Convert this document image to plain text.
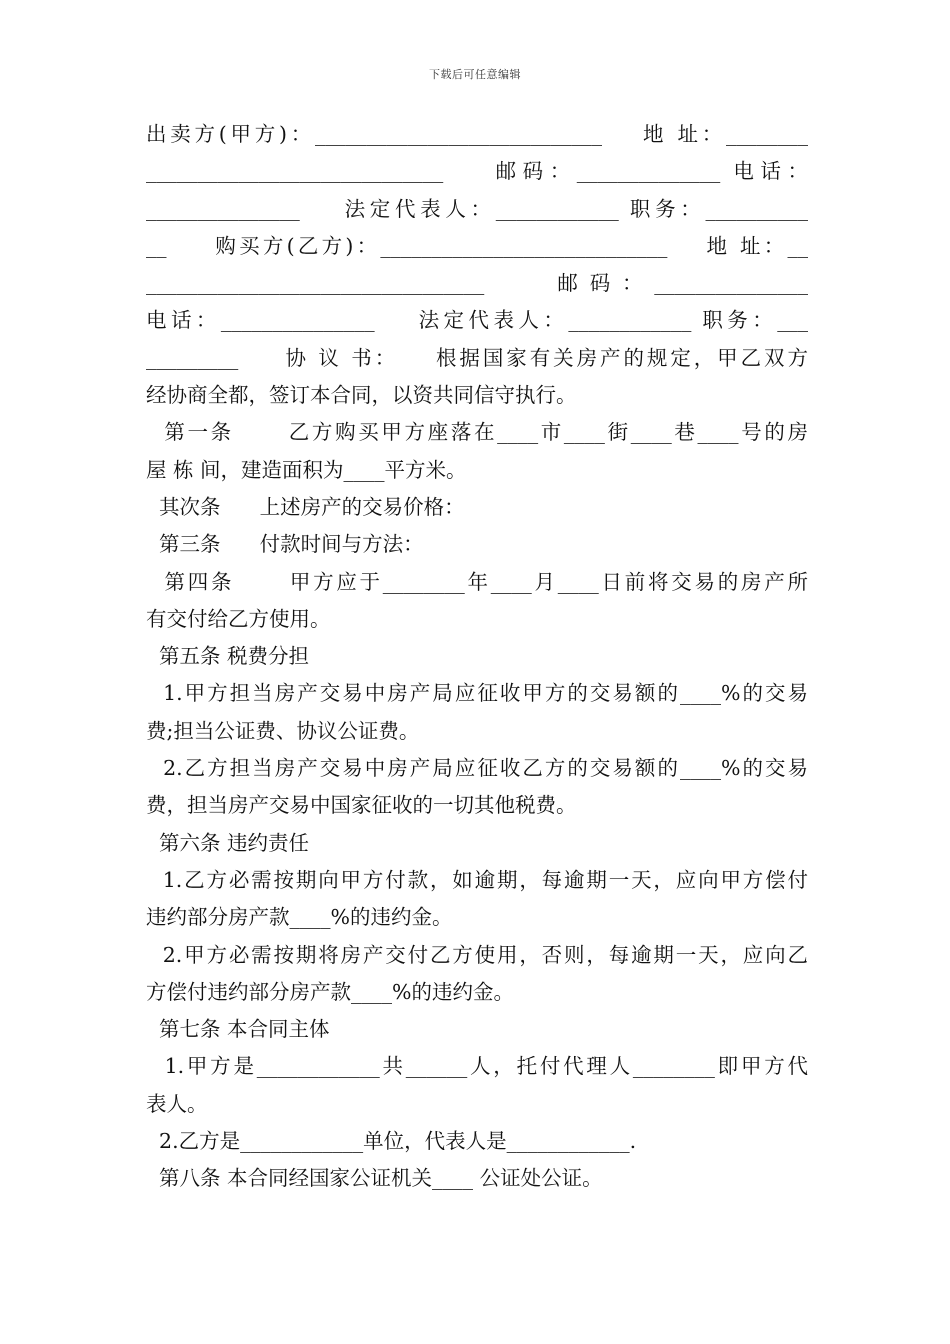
下载后可任意编辑
出卖方(甲方)：____________________________    地 址：________
_____________________________    邮码：______________ 电话：
_______________    法定代表人：____________ 职务：__________
__     购买方(乙方)：____________________________    地 址：__
_________________________________    邮码：_______________
电话：_______________    法定代表人：____________ 职务：___
_________     协 议 书：    根据国家有关房产的规定，甲乙双方
经协商全都，签订本合同，以资共同信守执行。
第一条      乙方购买甲方座落在____市____街____巷____号的房
屋 栋 间，建造面积为____平方米。
其次条      上述房产的交易价格：
第三条      付款时间与方法：
第四条      甲方应于________年____月____日前将交易的房产所
有交付给乙方使用。
第五条 税费分担
1.甲方担当房产交易中房产局应征收甲方的交易额的____%的交易
费;担当公证费、协议公证费。
2.乙方担当房产交易中房产局应征收乙方的交易额的____%的交易
费，担当房产交易中国家征收的一切其他税费。
第六条 违约责任
1.乙方必需按期向甲方付款，如逾期，每逾期一天，应向甲方偿付
违约部分房产款____%的违约金。
2.甲方必需按期将房产交付乙方使用，否则，每逾期一天，应向乙
方偿付违约部分房产款____%的违约金。
第七条 本合同主体
1.甲方是____________共______人，托付代理人________即甲方代
表人。
2.乙方是____________单位，代表人是____________.
第八条 本合同经国家公证机关____ 公证处公证。
